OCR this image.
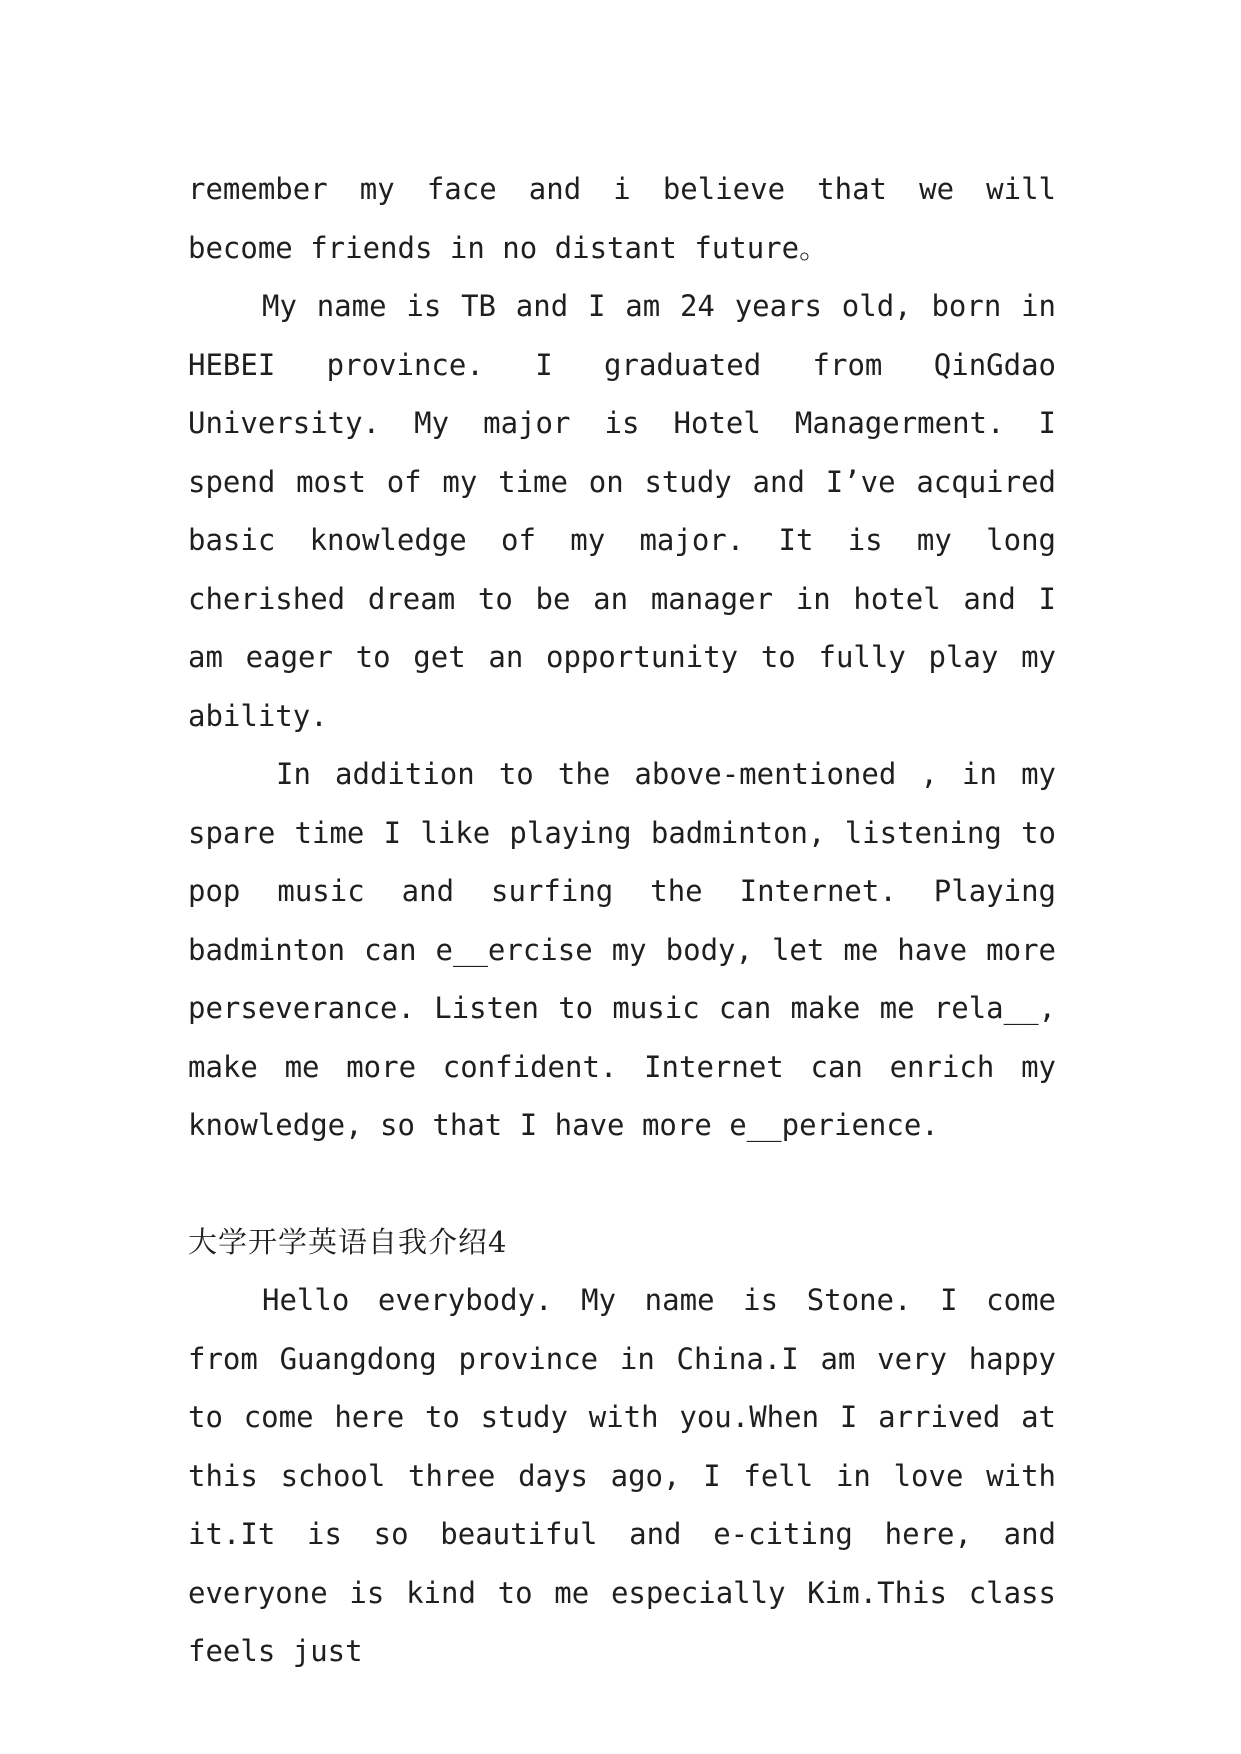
remember my face and i believe that we will become friends in no distant future。

My name is TB and I am 24 years old, born in HEBEI province. I graduated from QinGdao University. My major is Hotel Managerment. I spend most of my time on study and I’ve acquired basic knowledge of my major. It is my long cherished dream to be an manager in hotel and I am eager to get an opportunity to fully play my ability.

In addition to the above-mentioned , in my spare time I like playing badminton, listening to pop music and surfing the Internet. Playing badminton can e__ercise my body, let me have more perseverance. Listen to music can make me rela__, make me more confident. Internet can enrich my knowledge, so that I have more e__perience.

大学开学英语自我介绍4

Hello everybody. My name is Stone. I come from Guangdong province in China.I am very happy to come here to study with you.When I arrived at this school three days ago, I fell in love with it.It is so beautiful and e-citing here, and everyone is kind to me especially Kim.This class feels just
